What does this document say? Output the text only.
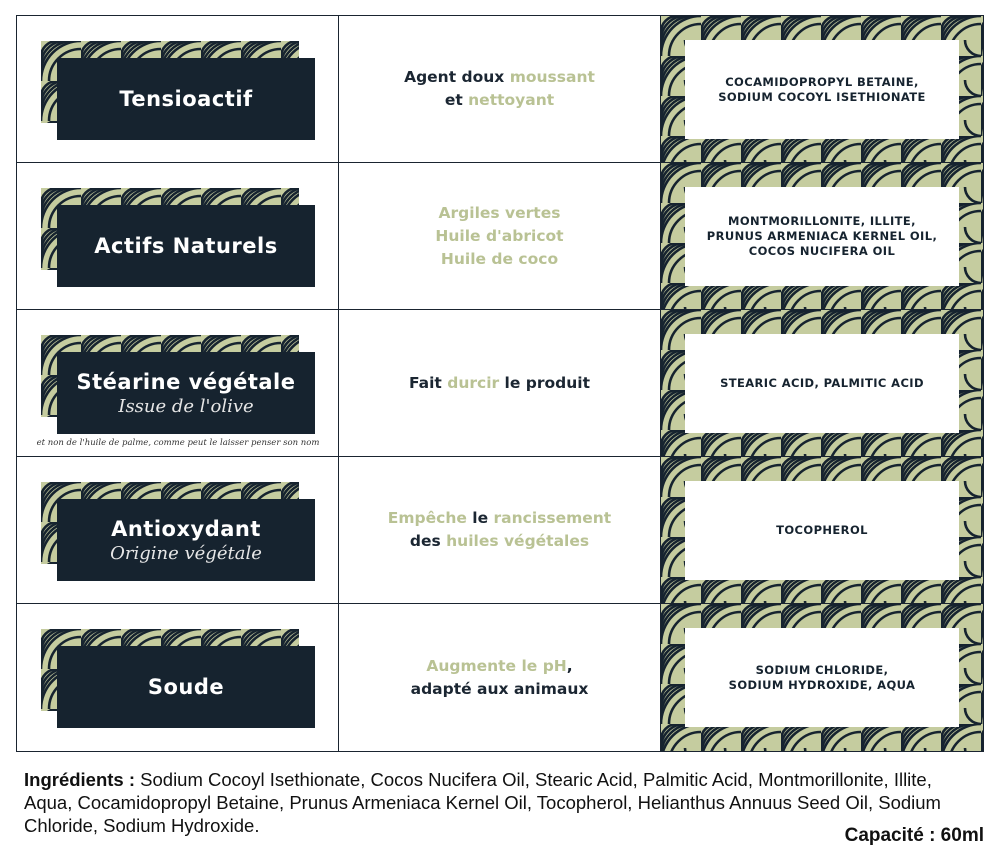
Tensioactif
Agent doux moussant
et nettoyant
COCAMIDOPROPYL BETAINE,
SODIUM COCOYL ISETHIONATE
Actifs Naturels
Argiles vertes
Huile d'abricot
Huile de coco
MONTMORILLONITE, ILLITE,
PRUNUS ARMENIACA KERNEL OIL,
COCOS NUCIFERA OIL
Stéarine végétale
Issue de l'olive
et non de l'huile de palme, comme peut le laisser penser son nom
Fait durcir le produit	STEARIC ACID, PALMITIC ACID
Antioxydant
Origine végétale
Empêche le rancissement
des huiles végétales
TOCOPHEROL
Soude
Augmente le pH,
adapté aux animaux
SODIUM CHLORIDE,
SODIUM HYDROXIDE, AQUA
Ingrédients : Sodium Cocoyl Isethionate, Cocos Nucifera Oil, Stearic Acid, Palmitic Acid, Montmorillonite, Illite, Aqua, Cocamidopropyl Betaine, Prunus Armeniaca Kernel Oil, Tocopherol, Helianthus Annuus Seed Oil, Sodium Chloride, Sodium Hydroxide.	Capacité : 60ml
